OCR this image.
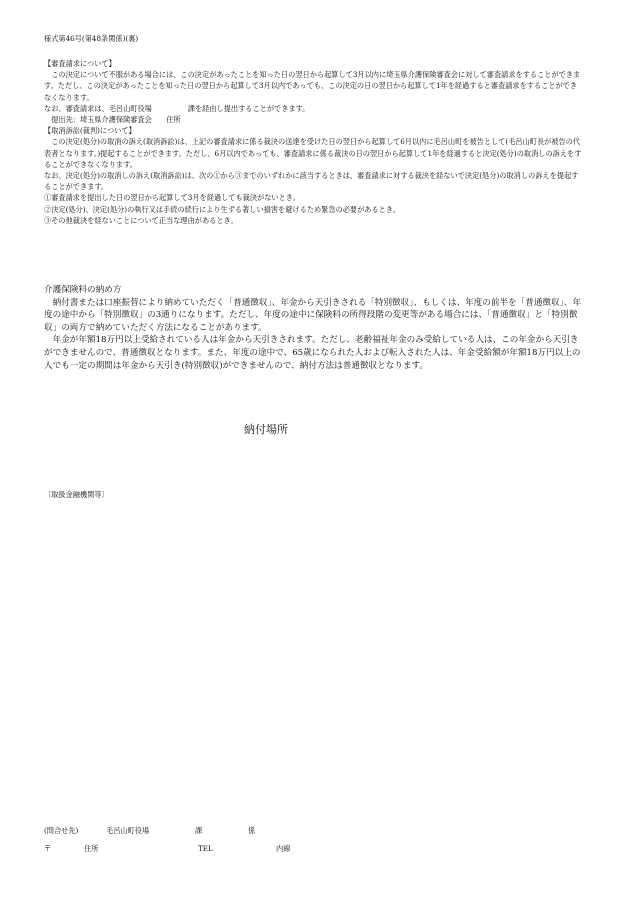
様式第46号(第48条関係)(裏)
【審査請求について】
この決定について不服がある場合には、この決定があったことを知った日の翌日から起算して3月以内に埼玉県介護保険審査会に対して審査請求をすることができます。ただし、この決定があったことを知った日の翌日から起算して3月以内であっても、この決定の日の翌日から起算して1年を経過すると審査請求をすることができなくなります。
なお、審査請求は、毛呂山町役場　　　　　課を経由し提出することができます。
提出先：埼玉県介護保険審査会　　住所
【取消訴訟(裁判)について】
この決定(処分)の取消の訴え(取消訴訟)は、上記の審査請求に係る裁決の送達を受けた日の翌日から起算して6月以内に毛呂山町を被告として(毛呂山町長が被告の代表者となります。)提起することができます。ただし、6月以内であっても、審査請求に係る裁決の日の翌日から起算して1年を経過すると決定(処分)の取消しの訴えをすることができなくなります。
なお、決定(処分)の取消しの訴え(取消訴訟)は、次の①から③までのいずれかに該当するときは、審査請求に対する裁決を経ないで決定(処分)の取消しの訴えを提起することができます。
①審査請求を提出した日の翌日から起算して3月を経過しても裁決がないとき。
②決定(処分)、決定(処分)の執行又は手続の続行により生ずる著しい損害を避けるため緊急の必要があるとき。
③その他裁決を経ないことについて正当な理由があるとき。
介護保険料の納め方
納付書または口座振替により納めていただく「普通徴収」、年金から天引きされる「特別徴収」、もしくは、年度の前半を「普通徴収」、年度の途中から「特別徴収」の3通りになります。ただし、年度の途中に保険料の所得段階の変更等がある場合には、「普通徴収」と「特別徴収」の両方で納めていただく方法になることがあります。
年金が年額18万円以上受給されている人は年金から天引きされます。ただし、老齢福祉年金のみ受給している人は、この年金から天引きができませんので、普通徴収となります。また、年度の途中で、65歳になられた人および転入された人は、年金受給額が年額18万円以上の人でも一定の期間は年金から天引き(特別徴収)ができませんので、納付方法は普通徴収となります。
納付場所
〔取扱金融機関等〕
(問合せ先)	毛呂山町役場	課	係
〒	住所	TEL	内線
